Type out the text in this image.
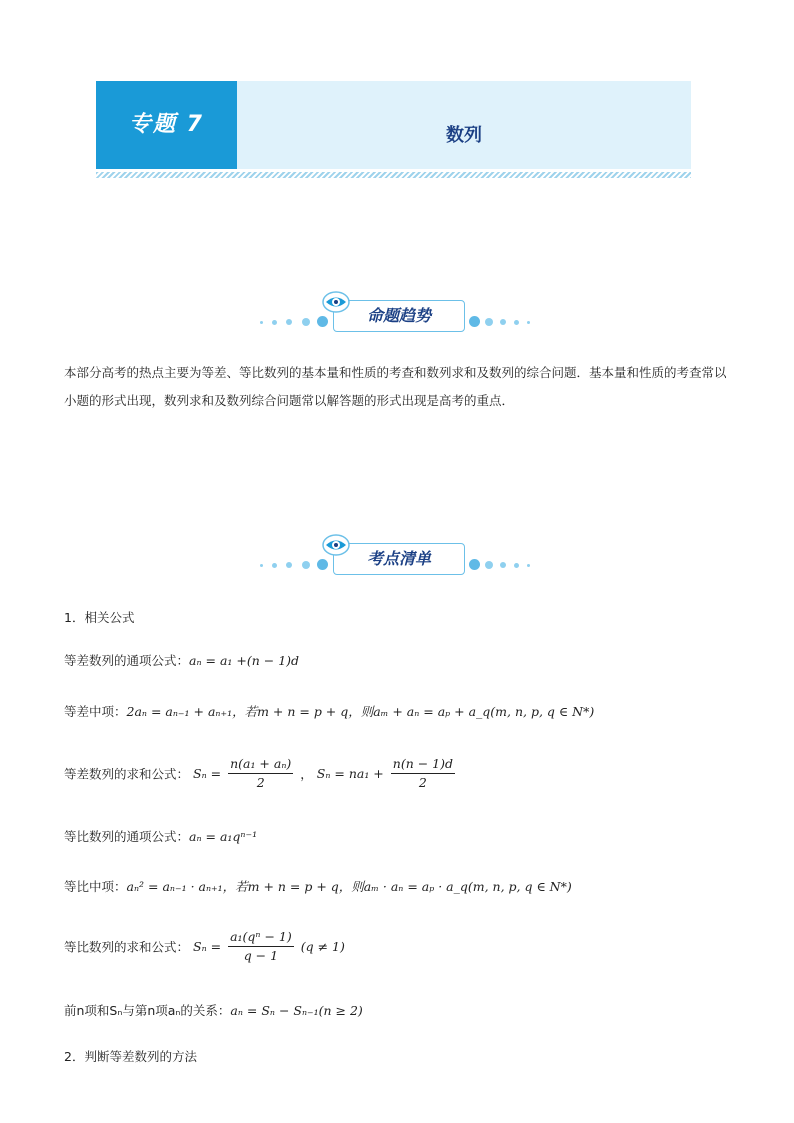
专题 7	数列
命题趋势
本部分高考的热点主要为等差、等比数列的基本量和性质的考查和数列求和及数列的综合问题．基本量和性质的考查常以小题的形式出现，数列求和及数列综合问题常以解答题的形式出现是高考的重点．
考点清单
1．相关公式
等差数列的通项公式：aₙ = a₁ +(n − 1)d
等差中项：2aₙ = aₙ₋₁ + aₙ₊₁，若m + n = p + q，则aₘ + aₙ = aₚ + a_q(m, n, p, q ∈ N*)
等差数列的求和公式： $S_n = \frac{\text{n(a₁ + aₙ)}}{2}$ ， $S_n = na_1 + \frac{n(n - 1)d}{2}$
等比数列的通项公式：aₙ = a₁qⁿ⁻¹
等比中项：aₙ² = aₙ₋₁ · aₙ₊₁，若m + n = p + q，则aₘ · aₙ = aₚ · a_q(m, n, p, q ∈ N*)
等比数列的求和公式： $S_n = \frac{\text{a₁(qⁿ − 1)}}{q - 1} (q \ne 1)$
前n项和Sₙ与第n项aₙ的关系：aₙ = Sₙ − Sₙ₋₁(n ≥ 2)
2．判断等差数列的方法
